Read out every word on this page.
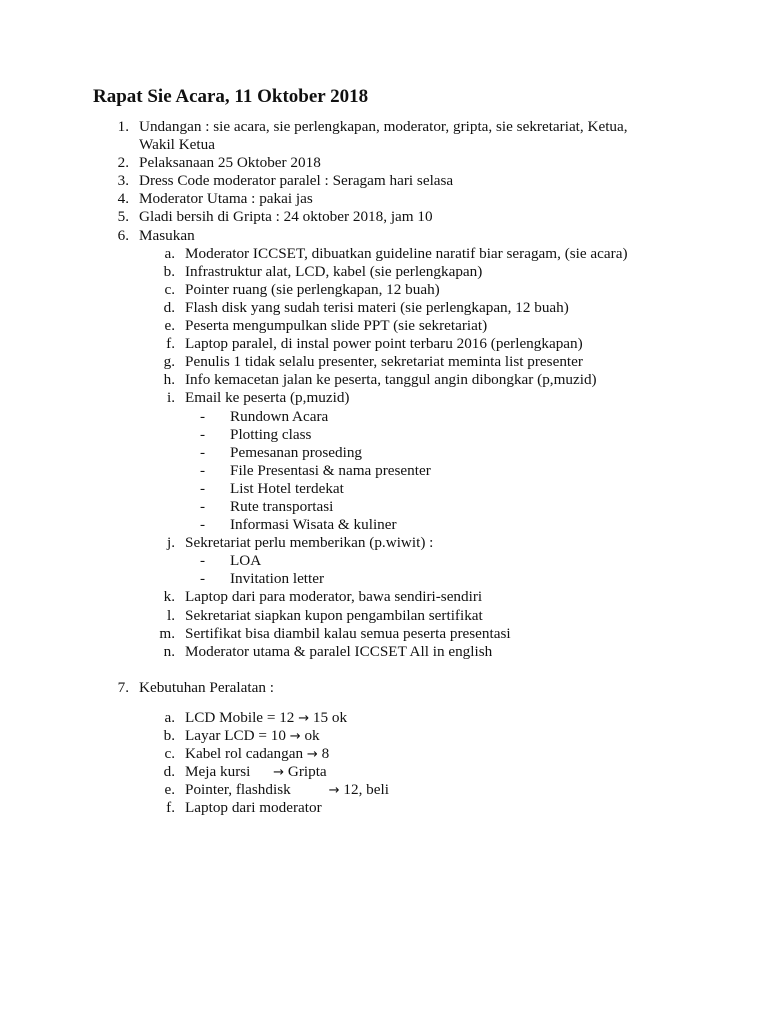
Rapat Sie Acara, 11 Oktober 2018
1. Undangan : sie acara, sie perlengkapan, moderator, gripta, sie sekretariat, Ketua,
Wakil Ketua
2. Pelaksanaan 25 Oktober 2018
3. Dress Code moderator paralel : Seragam hari selasa
4. Moderator Utama : pakai jas
5. Gladi bersih di Gripta : 24 oktober 2018, jam 10
6. Masukan
a. Moderator ICCSET, dibuatkan guideline naratif biar seragam, (sie acara)
b. Infrastruktur alat, LCD, kabel (sie perlengkapan)
c. Pointer ruang (sie perlengkapan, 12 buah)
d. Flash disk yang sudah terisi materi (sie perlengkapan, 12 buah)
e. Peserta mengumpulkan slide PPT (sie sekretariat)
f. Laptop paralel, di instal power point terbaru 2016 (perlengkapan)
g. Penulis 1 tidak selalu presenter, sekretariat meminta list presenter
h. Info kemacetan jalan ke peserta, tanggul angin dibongkar (p,muzid)
i. Email ke peserta (p,muzid)
-	Rundown Acara
-	Plotting class
-	Pemesanan proseding
-	File Presentasi & nama presenter
-	List Hotel terdekat
-	Rute transportasi
-	Informasi Wisata & kuliner
j. Sekretariat perlu memberikan (p.wiwit) :
-	LOA
-	Invitation letter
k. Laptop dari para moderator, bawa sendiri-sendiri
l. Sekretariat siapkan kupon pengambilan sertifikat
m. Sertifikat bisa diambil kalau semua peserta presentasi
n. Moderator utama & paralel ICCSET All in english
7. Kebutuhan Peralatan :
a. LCD Mobile = 12 → 15 ok
b. Layar LCD = 10 → ok
c. Kabel rol cadangan → 8
d. Meja kursi      → Gripta
e. Pointer, flashdisk          → 12, beli
f. Laptop dari moderator
